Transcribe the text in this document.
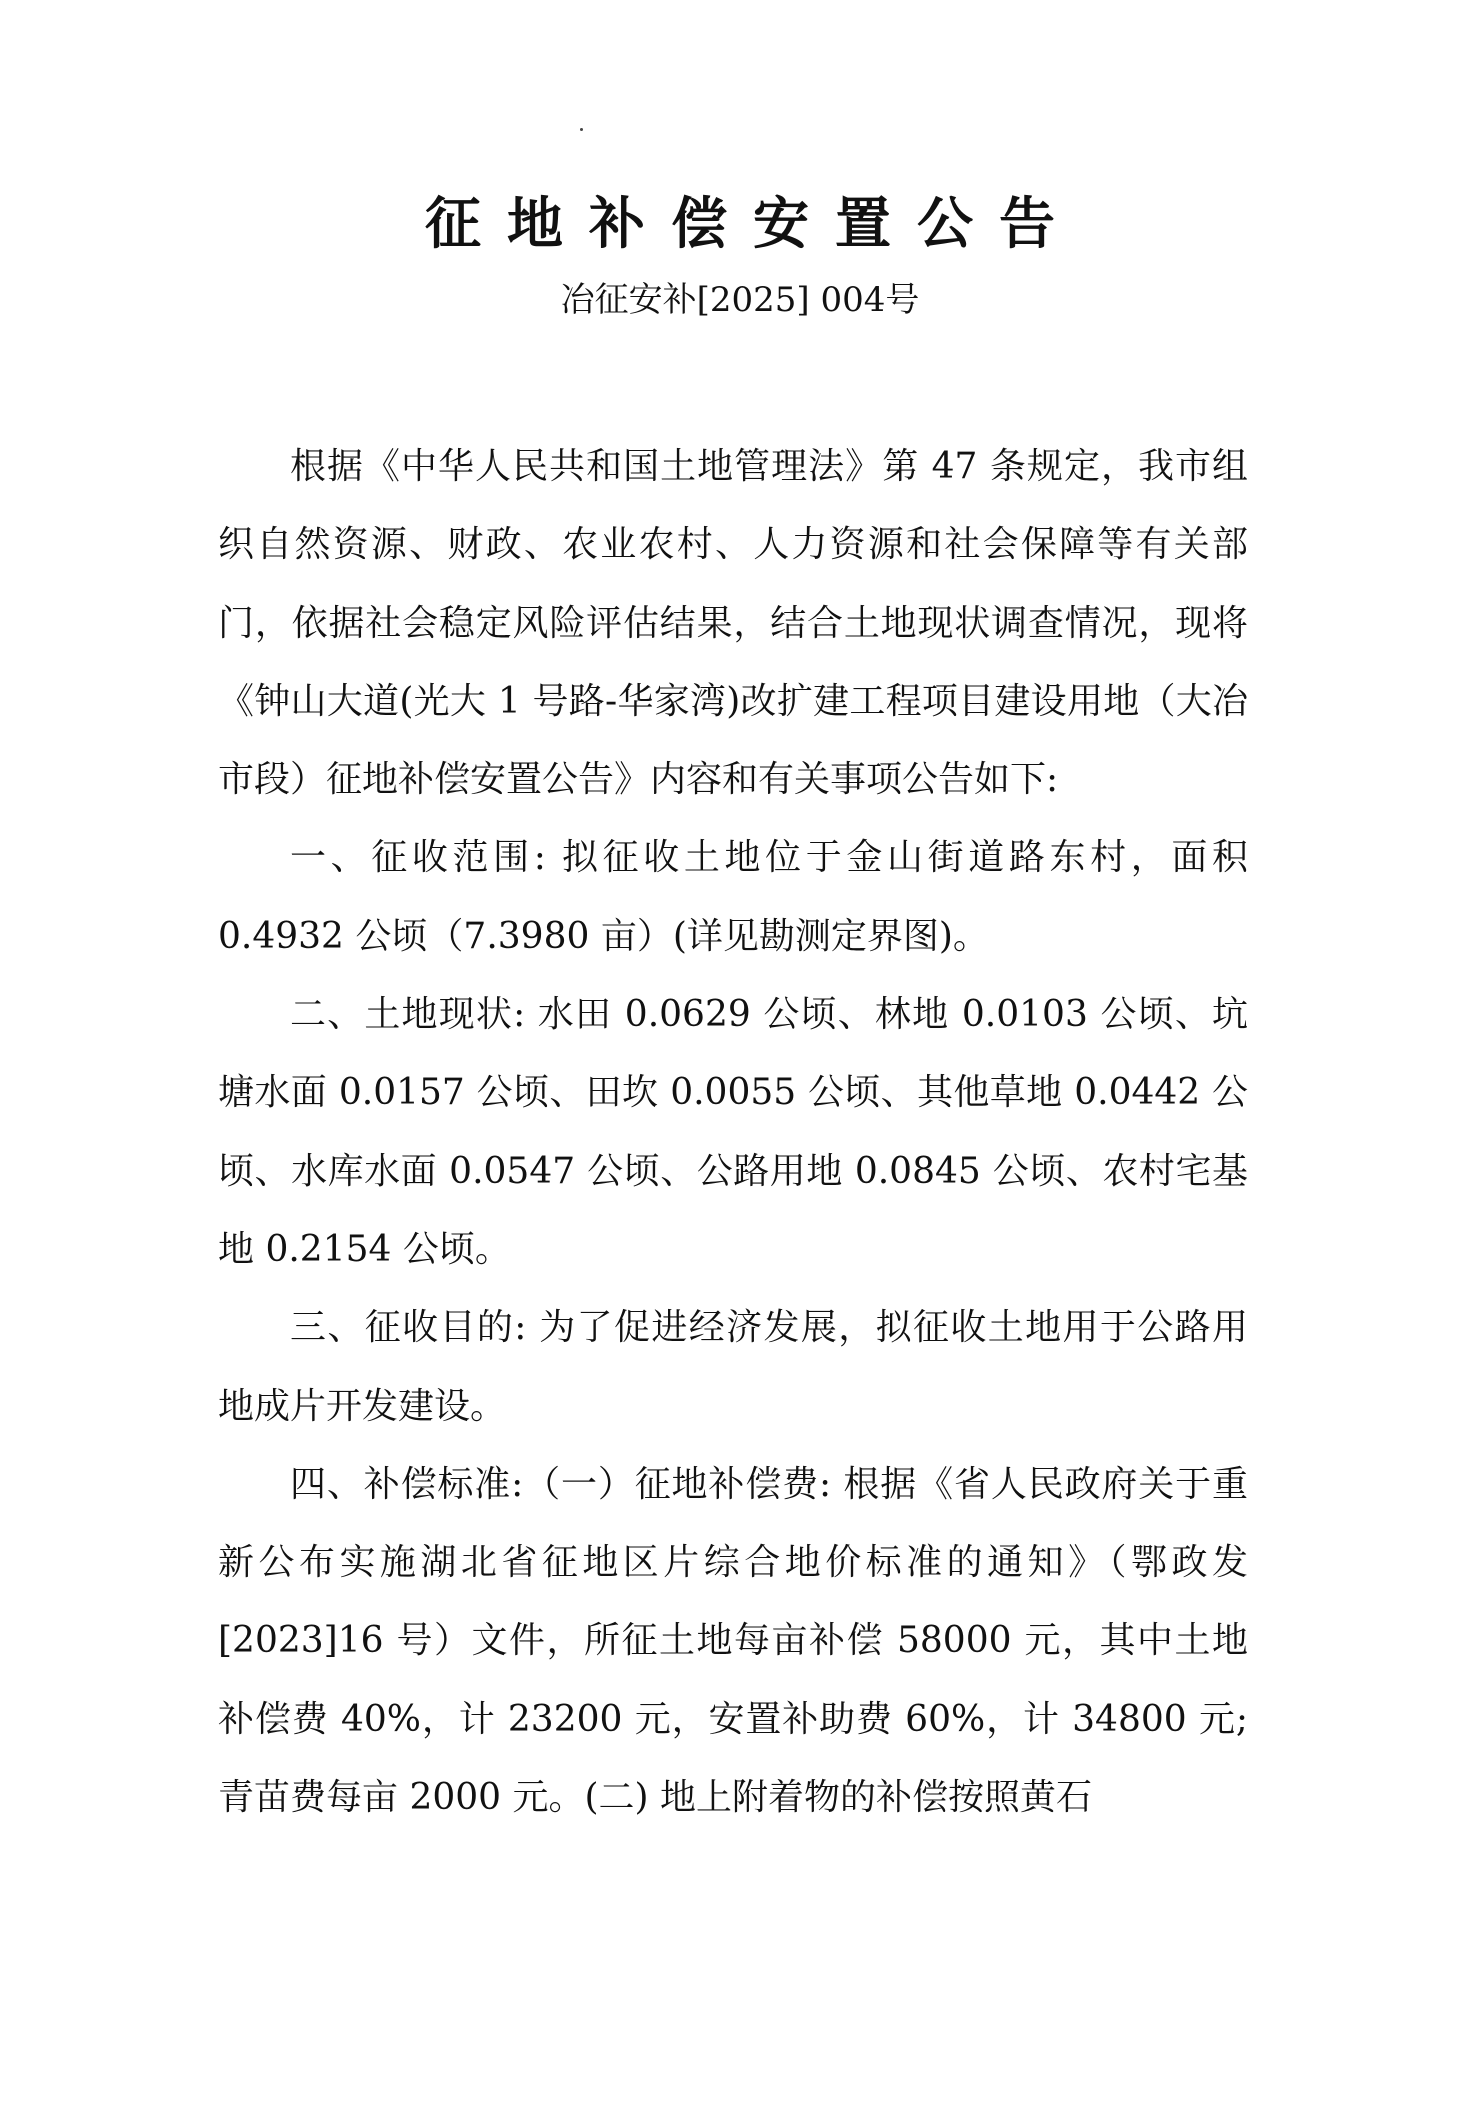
征地补偿安置公告
冶征安补[2025] 004号

根据《中华人民共和国土地管理法》第 47 条规定，我市组织自然资源、财政、农业农村、人力资源和社会保障等有关部门，依据社会稳定风险评估结果，结合土地现状调查情况，现将《钟山大道(光大 1 号路-华家湾)改扩建工程项目建设用地（大冶市段）征地补偿安置公告》内容和有关事项公告如下:

一、征收范围: 拟征收土地位于金山街道路东村，面积 0.4932 公顷（7.3980 亩）(详见勘测定界图)。

二、土地现状: 水田 0.0629 公顷、林地 0.0103 公顷、坑塘水面 0.0157 公顷、田坎 0.0055 公顷、其他草地 0.0442 公顷、水库水面 0.0547 公顷、公路用地 0.0845 公顷、农村宅基地 0.2154 公顷。

三、征收目的: 为了促进经济发展，拟征收土地用于公路用地成片开发建设。

四、补偿标准:（一）征地补偿费: 根据《省人民政府关于重新公布实施湖北省征地区片综合地价标准的通知》（鄂政发[2023]16 号）文件，所征土地每亩补偿 58000 元，其中土地补偿费 40%，计 23200 元，安置补助费 60%，计 34800 元; 青苗费每亩 2000 元。(二) 地上附着物的补偿按照黄石
